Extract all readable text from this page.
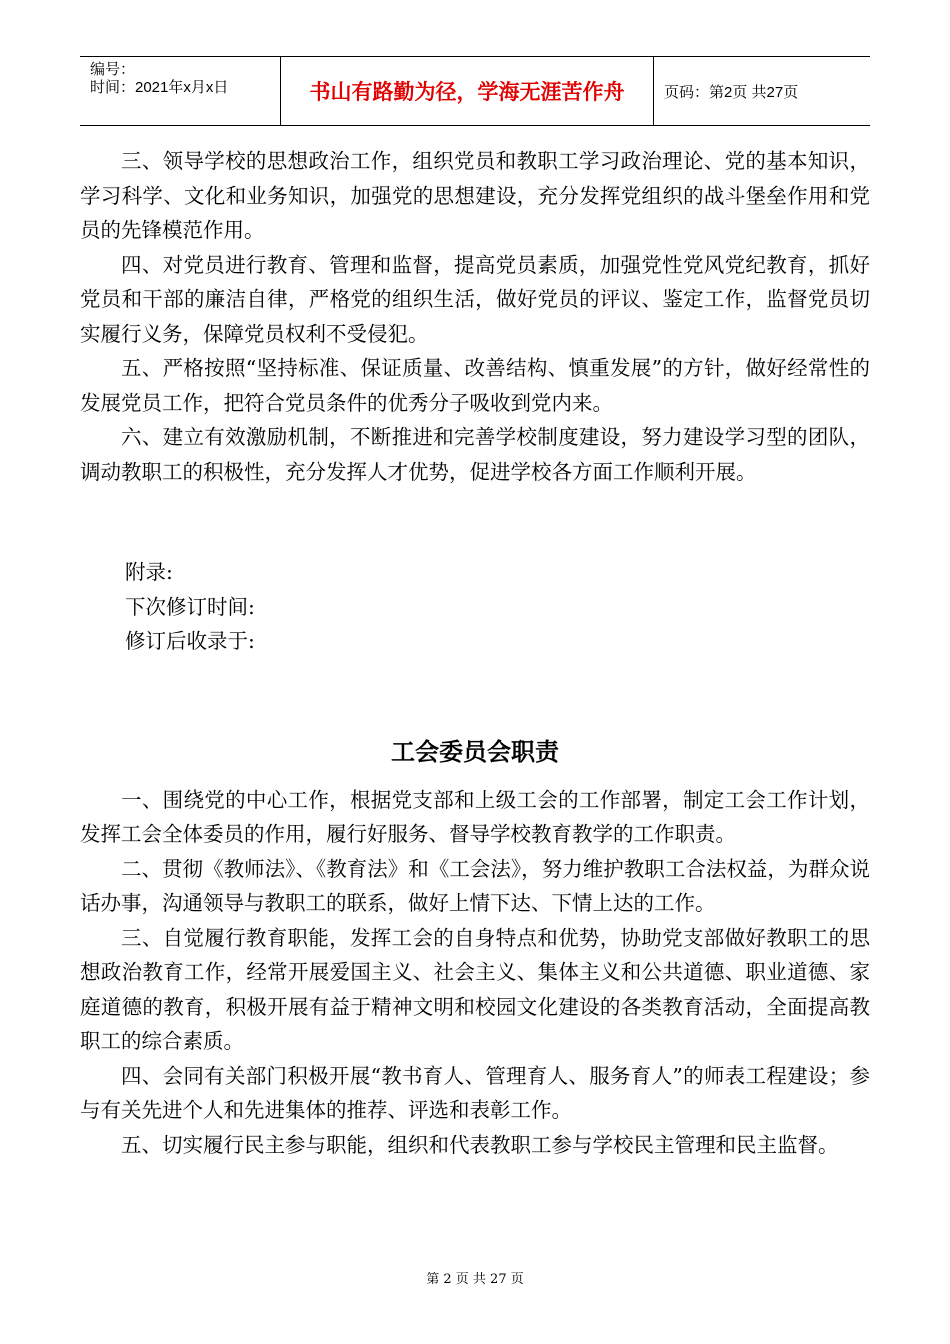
编号：
时间：2021年x月x日	书山有路勤为径，学海无涯苦作舟	页码：第2页 共27页

三、领导学校的思想政治工作，组织党员和教职工学习政治理论、党的基本知识，学习科学、文化和业务知识，加强党的思想建设，充分发挥党组织的战斗堡垒作用和党员的先锋模范作用。

四、对党员进行教育、管理和监督，提高党员素质，加强党性党风党纪教育，抓好党员和干部的廉洁自律，严格党的组织生活，做好党员的评议、鉴定工作，监督党员切实履行义务，保障党员权利不受侵犯。

五、严格按照“坚持标准、保证质量、改善结构、慎重发展”的方针，做好经常性的发展党员工作，把符合党员条件的优秀分子吸收到党内来。

六、建立有效激励机制，不断推进和完善学校制度建设，努力建设学习型的团队，调动教职工的积极性，充分发挥人才优势，促进学校各方面工作顺利开展。

附录:

下次修订时间:

修订后收录于:

工会委员会职责

一、围绕党的中心工作，根据党支部和上级工会的工作部署，制定工会工作计划，发挥工会全体委员的作用，履行好服务、督导学校教育教学的工作职责。

二、贯彻《教师法》、《教育法》和《工会法》，努力维护教职工合法权益，为群众说话办事，沟通领导与教职工的联系，做好上情下达、下情上达的工作。

三、自觉履行教育职能，发挥工会的自身特点和优势，协助党支部做好教职工的思想政治教育工作，经常开展爱国主义、社会主义、集体主义和公共道德、职业道德、家庭道德的教育，积极开展有益于精神文明和校园文化建设的各类教育活动，全面提高教职工的综合素质。

四、会同有关部门积极开展“教书育人、管理育人、服务育人”的师表工程建设；参与有关先进个人和先进集体的推荐、评选和表彰工作。

五、切实履行民主参与职能，组织和代表教职工参与学校民主管理和民主监督。

第 2 页 共 27 页
